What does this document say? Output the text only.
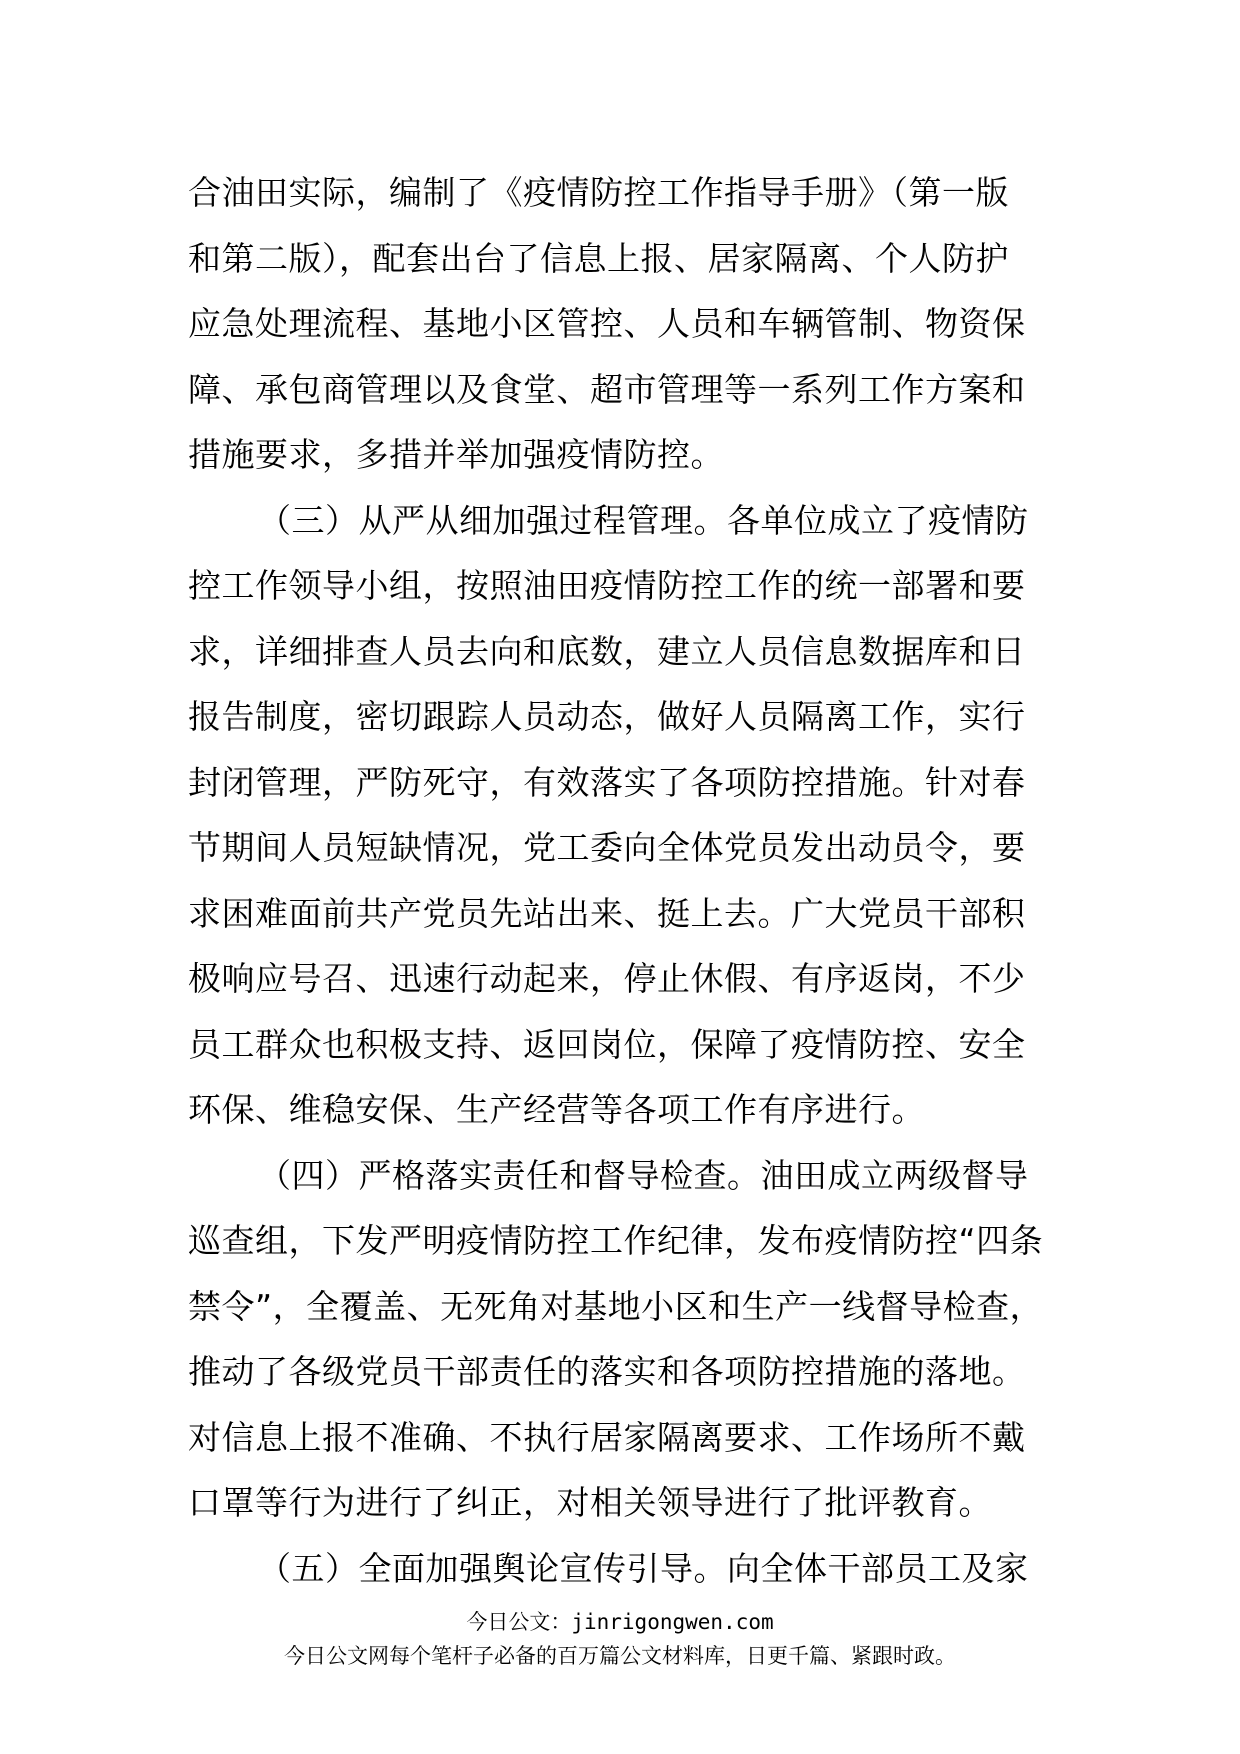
合油田实际，编制了《疫情防控工作指导手册》（第一版
和第二版），配套出台了信息上报、居家隔离、个人防护
应急处理流程、基地小区管控、人员和车辆管制、物资保
障、承包商管理以及食堂、超市管理等一系列工作方案和
措施要求，多措并举加强疫情防控。
（三）从严从细加强过程管理。各单位成立了疫情防
控工作领导小组，按照油田疫情防控工作的统一部署和要
求，详细排查人员去向和底数，建立人员信息数据库和日
报告制度，密切跟踪人员动态，做好人员隔离工作，实行
封闭管理，严防死守，有效落实了各项防控措施。针对春
节期间人员短缺情况，党工委向全体党员发出动员令，要
求困难面前共产党员先站出来、挺上去。广大党员干部积
极响应号召、迅速行动起来，停止休假、有序返岗，不少
员工群众也积极支持、返回岗位，保障了疫情防控、安全
环保、维稳安保、生产经营等各项工作有序进行。
（四）严格落实责任和督导检查。油田成立两级督导
巡查组，下发严明疫情防控工作纪律，发布疫情防控“四条
禁令”，全覆盖、无死角对基地小区和生产一线督导检查，
推动了各级党员干部责任的落实和各项防控措施的落地。
对信息上报不准确、不执行居家隔离要求、工作场所不戴
口罩等行为进行了纠正，对相关领导进行了批评教育。
（五）全面加强舆论宣传引导。向全体干部员工及家
今日公文：jinrigongwen.com
今日公文网每个笔杆子必备的百万篇公文材料库，日更千篇、紧跟时政。
